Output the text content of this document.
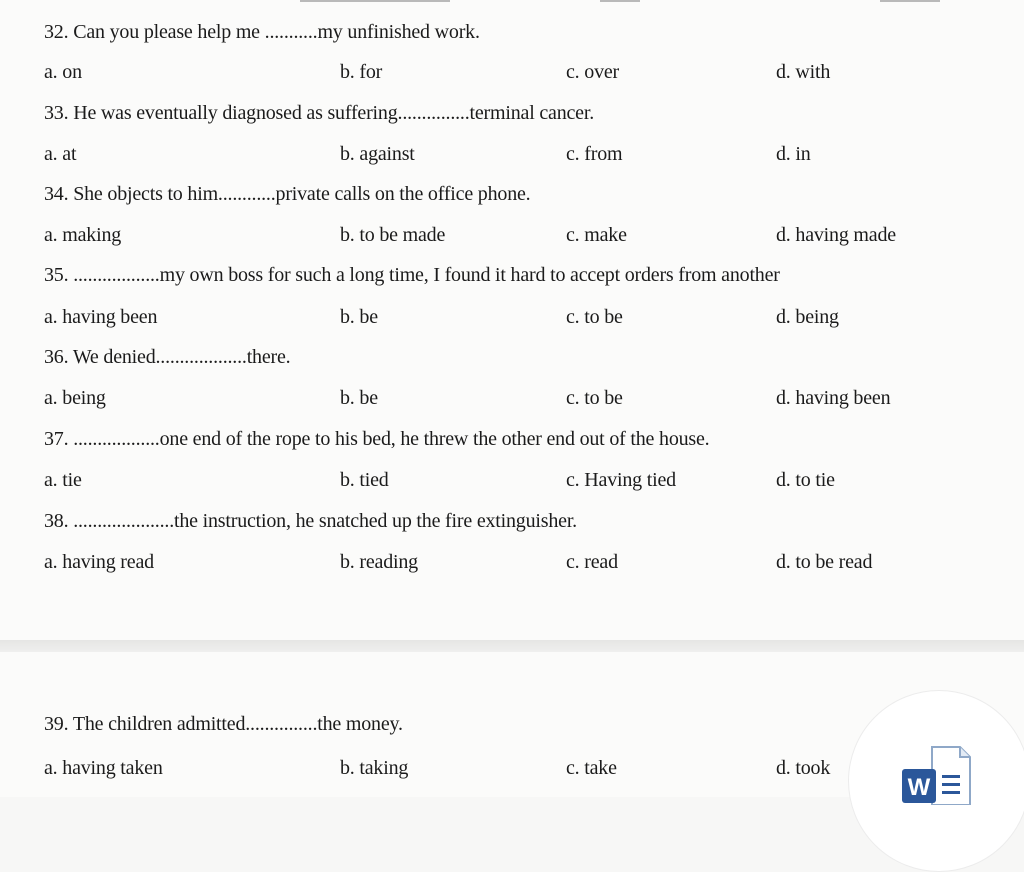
32. Can you please help me ...........my unfinished work.
a. on	b. for	c. over	d. with
33. He was eventually diagnosed as suffering...............terminal cancer.
a. at	b. against	c. from	d. in
34. She objects to him............private calls on the office phone.
a. making	b. to be made	c. make	d. having made
35. ..................my own boss for such a long time, I found it hard to accept orders from another
a. having been	b. be	c. to be	d. being
36. We denied...................there.
a. being	b. be	c. to be	d. having been
37. ..................one end of the rope to his bed, he threw the other end out of the house.
a. tie	b. tied	c. Having tied	d. to tie
38. .....................the instruction, he snatched up the fire extinguisher.
a. having read	b. reading	c. read	d. to be read
W
39. The children admitted...............the money.
a. having taken	b. taking	c. take	d. took
